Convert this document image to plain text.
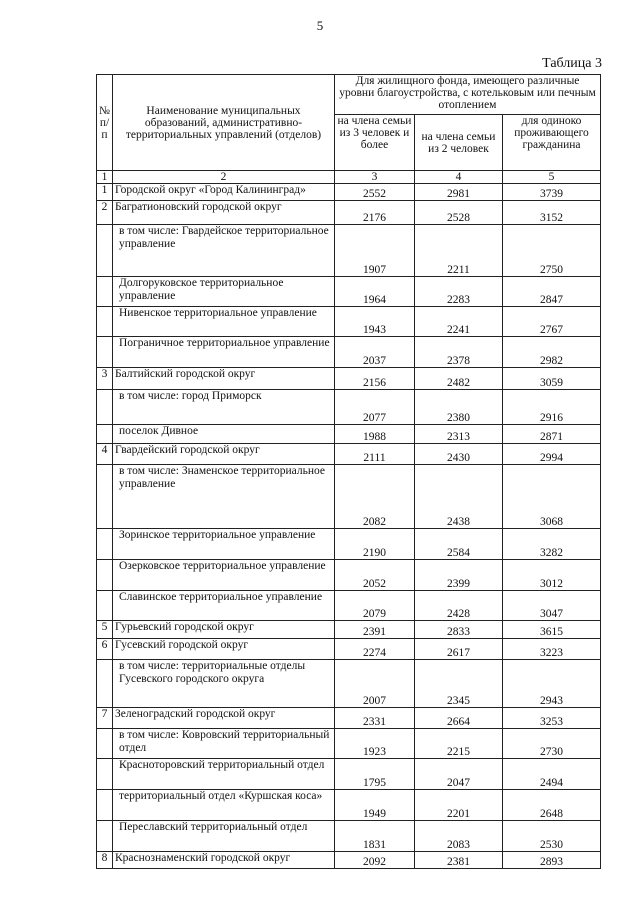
5
Таблица 3
№ п/п	Наименование муниципальных образований, административно-территориальных управлений (отделов)	Для жилищного фонда, имеющего различные уровни благоустройства, с котельковым или печным отоплением		
		на члена семьи из 3 человек и более	на члена семьи из 2 человек	для одиноко проживающего гражданина
1	2	3	4	5
1	Городской округ «Город Калининград»	2552	2981	3739
2	Багратионовский городской округ	2176	2528	3152
	в том числе: Гвардейское территориальное управление	1907	2211	2750
	Долгоруковское территориальное управление	1964	2283	2847
	Нивенское территориальное управление	1943	2241	2767
	Пограничное территориальное управление	2037	2378	2982
3	Балтийский городской округ	2156	2482	3059
	в том числе: город Приморск	2077	2380	2916
	поселок Дивное	1988	2313	2871
4	Гвардейский городской округ	2111	2430	2994
	в том числе: Знаменское территориальное управление	2082	2438	3068
	Зоринское территориальное управление	2190	2584	3282
	Озерковское территориальное управление	2052	2399	3012
	Славинское территориальное управление	2079	2428	3047
5	Гурьевский городской округ	2391	2833	3615
6	Гусевский городской округ	2274	2617	3223
	в том числе: территориальные отделы Гусевского городского округа	2007	2345	2943
7	Зеленоградский городской округ	2331	2664	3253
	в том числе: Ковровский территориальный отдел	1923	2215	2730
	Красноторовский территориальный отдел	1795	2047	2494
	территориальный отдел «Куршская коса»	1949	2201	2648
	Переславский территориальный отдел	1831	2083	2530
8	Краснознаменский городской округ	2092	2381	2893
